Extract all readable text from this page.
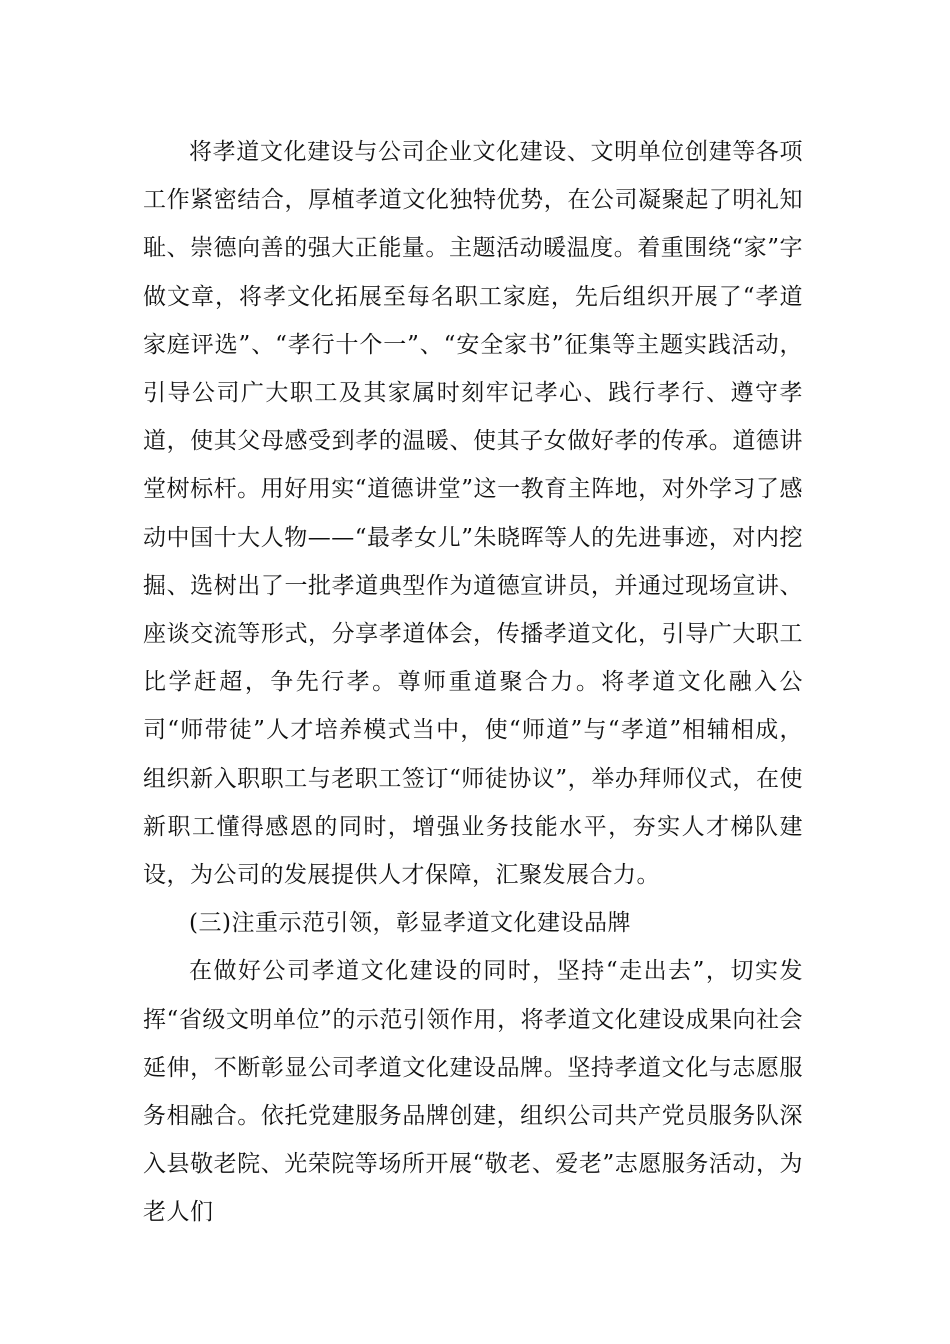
将孝道文化建设与公司企业文化建设、文明单位创建等各项工作紧密结合，厚植孝道文化独特优势，在公司凝聚起了明礼知耻、崇德向善的强大正能量。主题活动暖温度。着重围绕“家”字做文章，将孝文化拓展至每名职工家庭，先后组织开展了“孝道家庭评选”、“孝行十个一”、“安全家书”征集等主题实践活动，引导公司广大职工及其家属时刻牢记孝心、践行孝行、遵守孝道，使其父母感受到孝的温暖、使其子女做好孝的传承。道德讲堂树标杆。用好用实“道德讲堂”这一教育主阵地，对外学习了感动中国十大人物——“最孝女儿”朱晓晖等人的先进事迹，对内挖掘、选树出了一批孝道典型作为道德宣讲员，并通过现场宣讲、座谈交流等形式，分享孝道体会，传播孝道文化，引导广大职工比学赶超，争先行孝。尊师重道聚合力。将孝道文化融入公司“师带徒”人才培养模式当中，使“师道”与“孝道”相辅相成，组织新入职职工与老职工签订“师徒协议”，举办拜师仪式，在使新职工懂得感恩的同时，增强业务技能水平，夯实人才梯队建设，为公司的发展提供人才保障，汇聚发展合力。

(三)注重示范引领，彰显孝道文化建设品牌

在做好公司孝道文化建设的同时，坚持“走出去”，切实发挥“省级文明单位”的示范引领作用，将孝道文化建设成果向社会延伸，不断彰显公司孝道文化建设品牌。坚持孝道文化与志愿服务相融合。依托党建服务品牌创建，组织公司共产党员服务队深入县敬老院、光荣院等场所开展“敬老、爱老”志愿服务活动，为老人们
